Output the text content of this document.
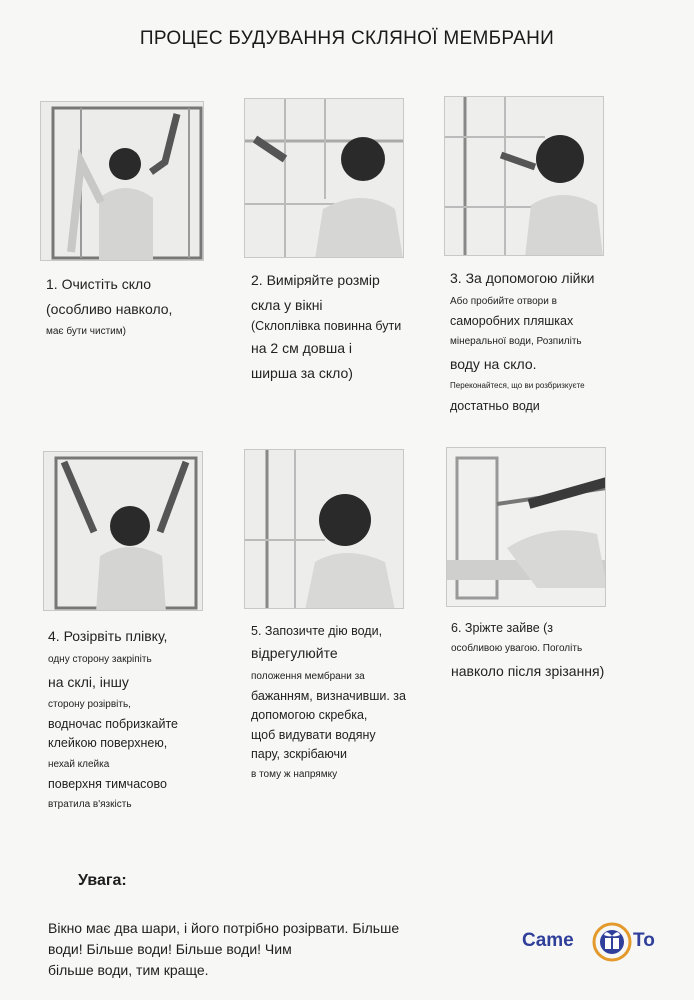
ПРОЦЕС БУДУВАННЯ СКЛЯНОЇ МЕМБРАНИ
1. Очистіть скло
(особливо навколо,
має бути чистим)
2. Виміряйте розмір
скла у вікні
(Склоплівка повинна бути
на 2 см довша і
ширша за скло)
3. За допомогою лійки
Або пробийте отвори в
саморобних пляшках
мінеральної води, Розпиліть
воду на скло.
Переконайтеся, що ви розбризкуєте
достатньо води
4. Розірвіть плівку,
одну сторону закріпіть
на склі, іншу
сторону розірвіть,
водночас побризкайте
клейкою поверхнею,
нехай клейка
поверхня тимчасово
втратила в'язкість
5. Запозичте дію води,
відрегулюйте
положення мембрани за
бажанням, визначивши. за
допомогою скребка,
щоб видувати водяну
пару, зскрібаючи
в тому ж напрямку
6. Зріжте зайве (з
особливою увагою. Поголіть
навколо після зрізання)
Увага:
Вікно має два шари, і його потрібно розірвати. Більше
води! Більше води! Більше води! Чим
більше води, тим краще.
Came	To
